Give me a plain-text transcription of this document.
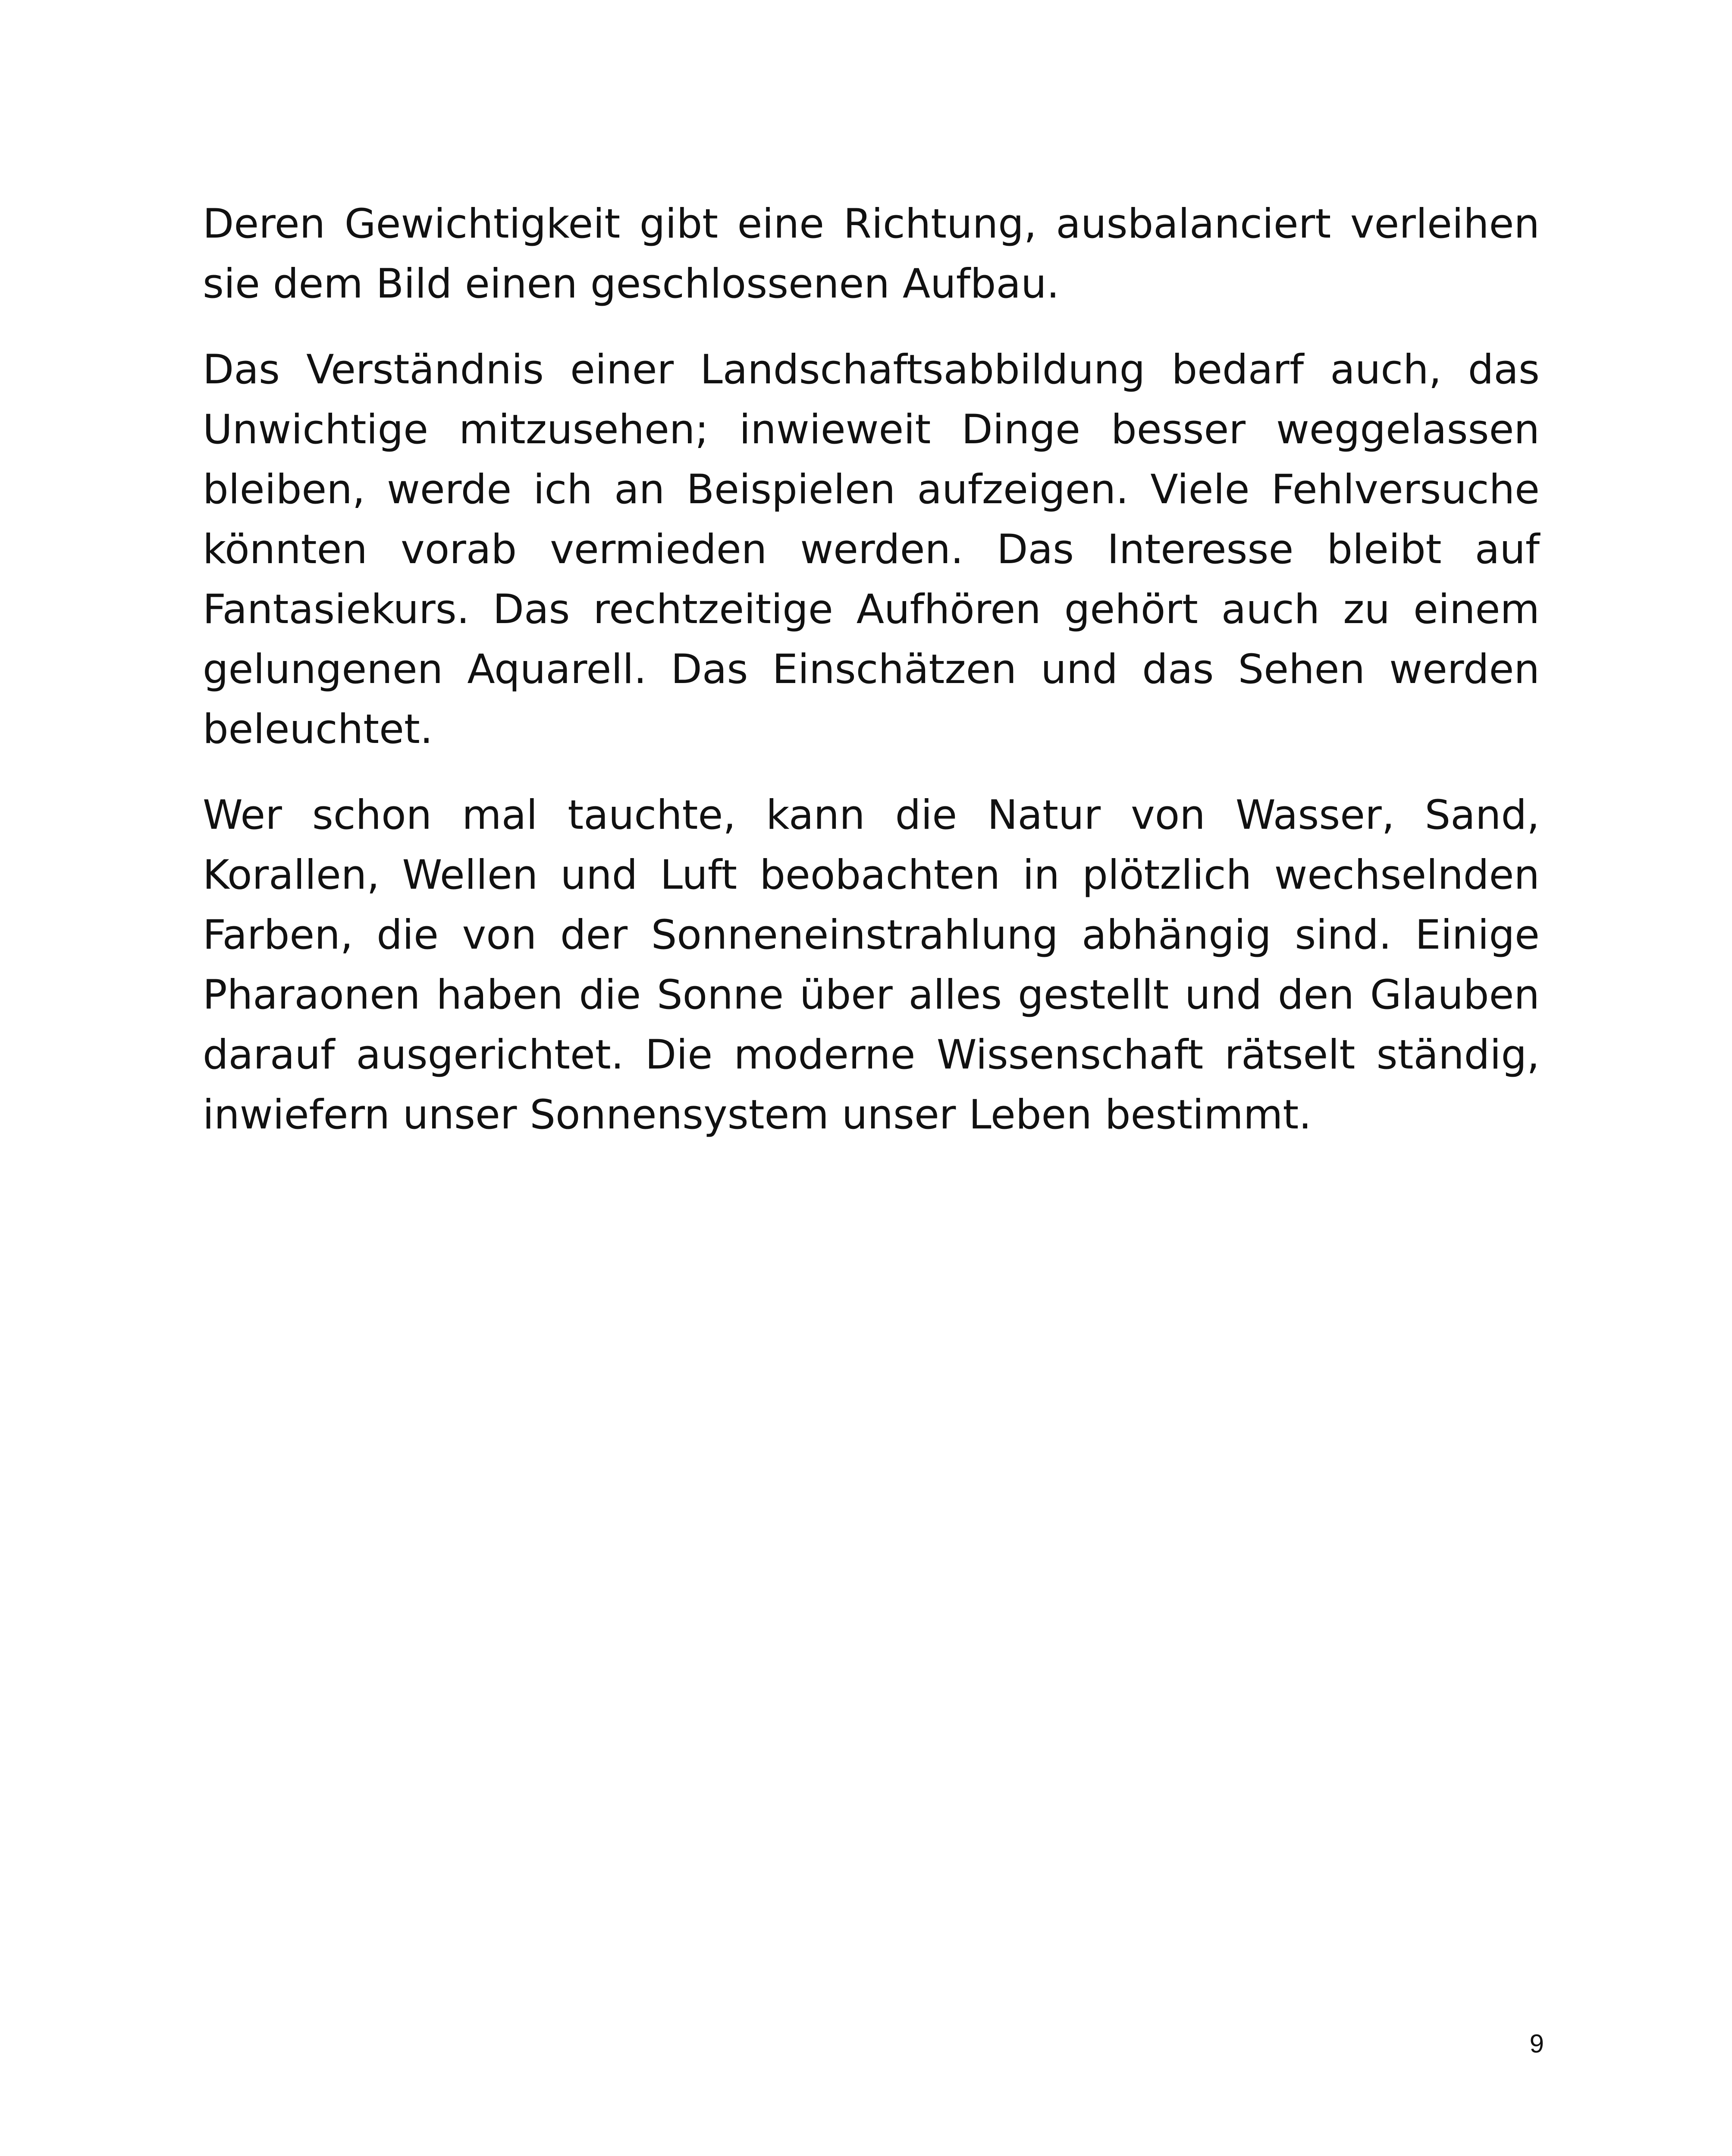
Deren Gewichtigkeit gibt eine Richtung, ausbalanciert verleihen sie dem Bild einen geschlossenen Aufbau.

Das Verständnis einer Landschaftsabbildung bedarf auch, das Unwichtige mitzusehen; inwieweit Dinge besser weggelassen bleiben, werde ich an Beispielen aufzeigen. Viele Fehlversuche könnten vorab vermieden werden. Das Interesse bleibt auf Fantasiekurs. Das rechtzeitige Aufhören gehört auch zu einem gelungenen Aquarell. Das Einschätzen und das Sehen werden beleuchtet.

Wer schon mal tauchte, kann die Natur von Wasser, Sand, Korallen, Wellen und Luft beobachten in plötzlich wechselnden Farben, die von der Sonneneinstrahlung abhängig sind. Einige Pharaonen haben die Sonne über alles gestellt und den Glauben darauf ausgerichtet. Die moderne Wissenschaft rätselt ständig, inwiefern unser Sonnensystem unser Leben bestimmt.

9
